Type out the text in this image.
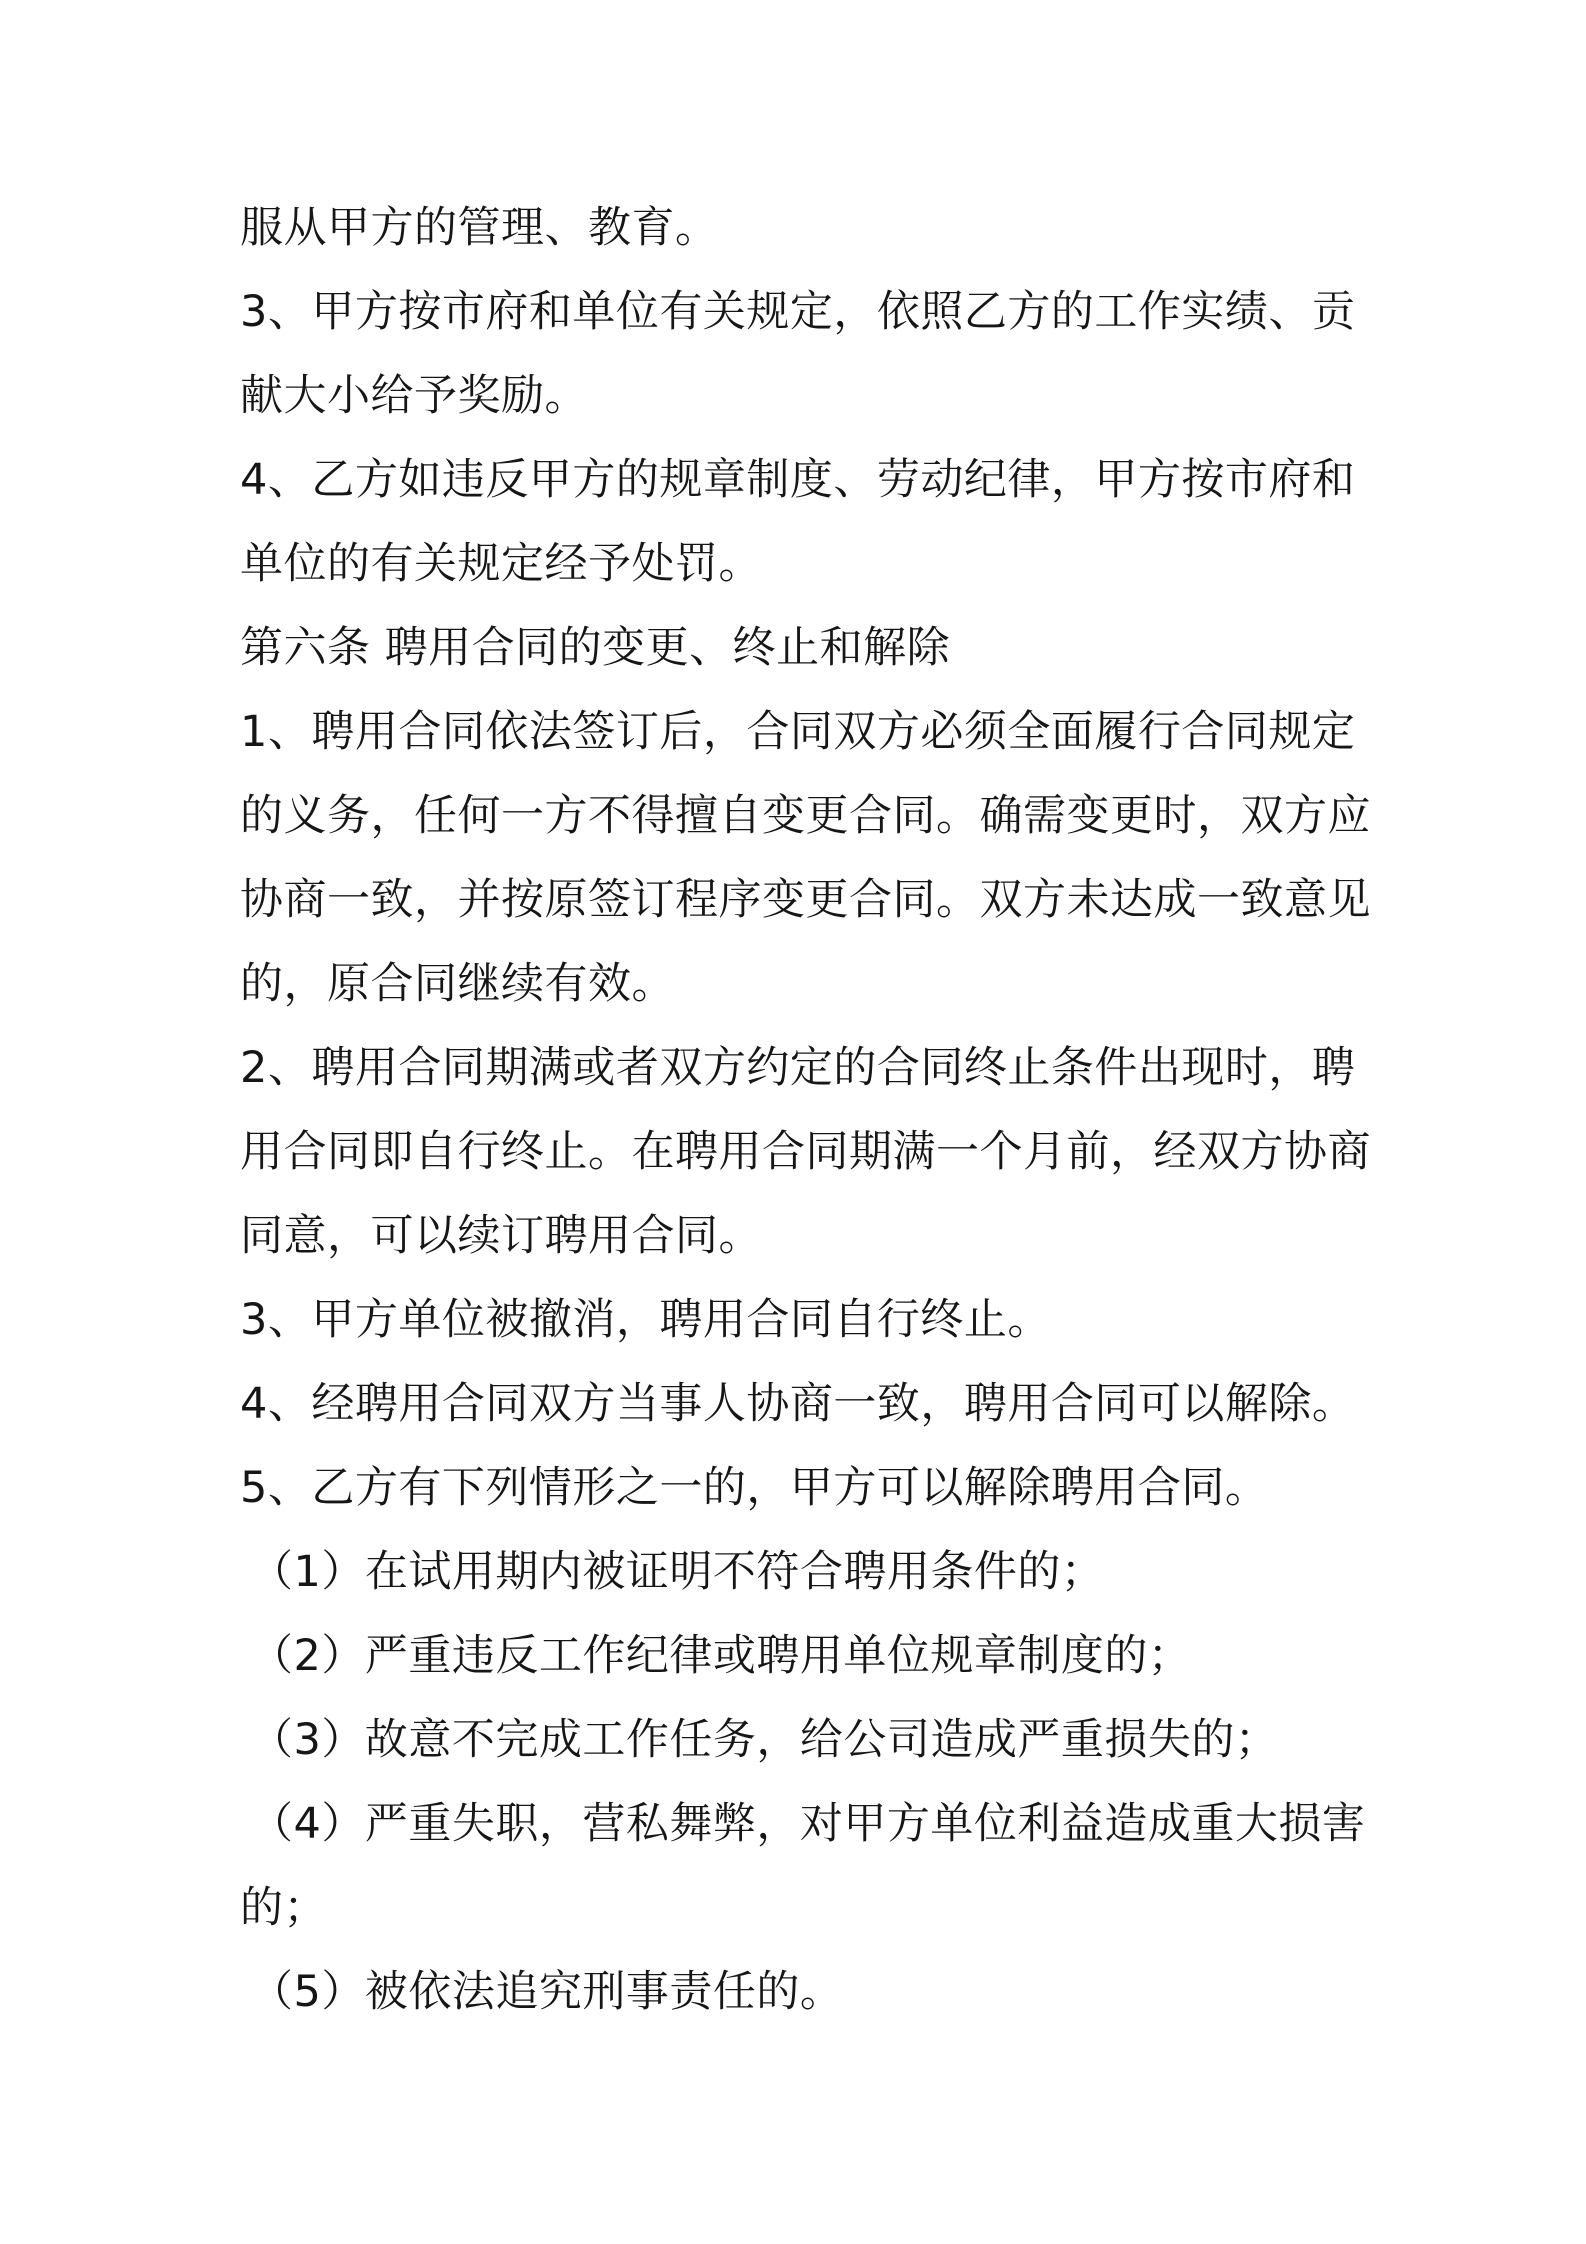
服从甲方的管理、教育。
3、甲方按市府和单位有关规定，依照乙方的工作实绩、贡
献大小给予奖励。
4、乙方如违反甲方的规章制度、劳动纪律，甲方按市府和
单位的有关规定经予处罚。
第六条 聘用合同的变更、终止和解除
1、聘用合同依法签订后，合同双方必须全面履行合同规定
的义务，任何一方不得擅自变更合同。确需变更时，双方应
协商一致，并按原签订程序变更合同。双方未达成一致意见
的，原合同继续有效。
2、聘用合同期满或者双方约定的合同终止条件出现时，聘
用合同即自行终止。在聘用合同期满一个月前，经双方协商
同意，可以续订聘用合同。
3、甲方单位被撤消，聘用合同自行终止。
4、经聘用合同双方当事人协商一致，聘用合同可以解除。
5、乙方有下列情形之一的，甲方可以解除聘用合同。
（1）在试用期内被证明不符合聘用条件的；
（2）严重违反工作纪律或聘用单位规章制度的；
（3）故意不完成工作任务，给公司造成严重损失的；
（4）严重失职，营私舞弊，对甲方单位利益造成重大损害
的；
（5）被依法追究刑事责任的。
